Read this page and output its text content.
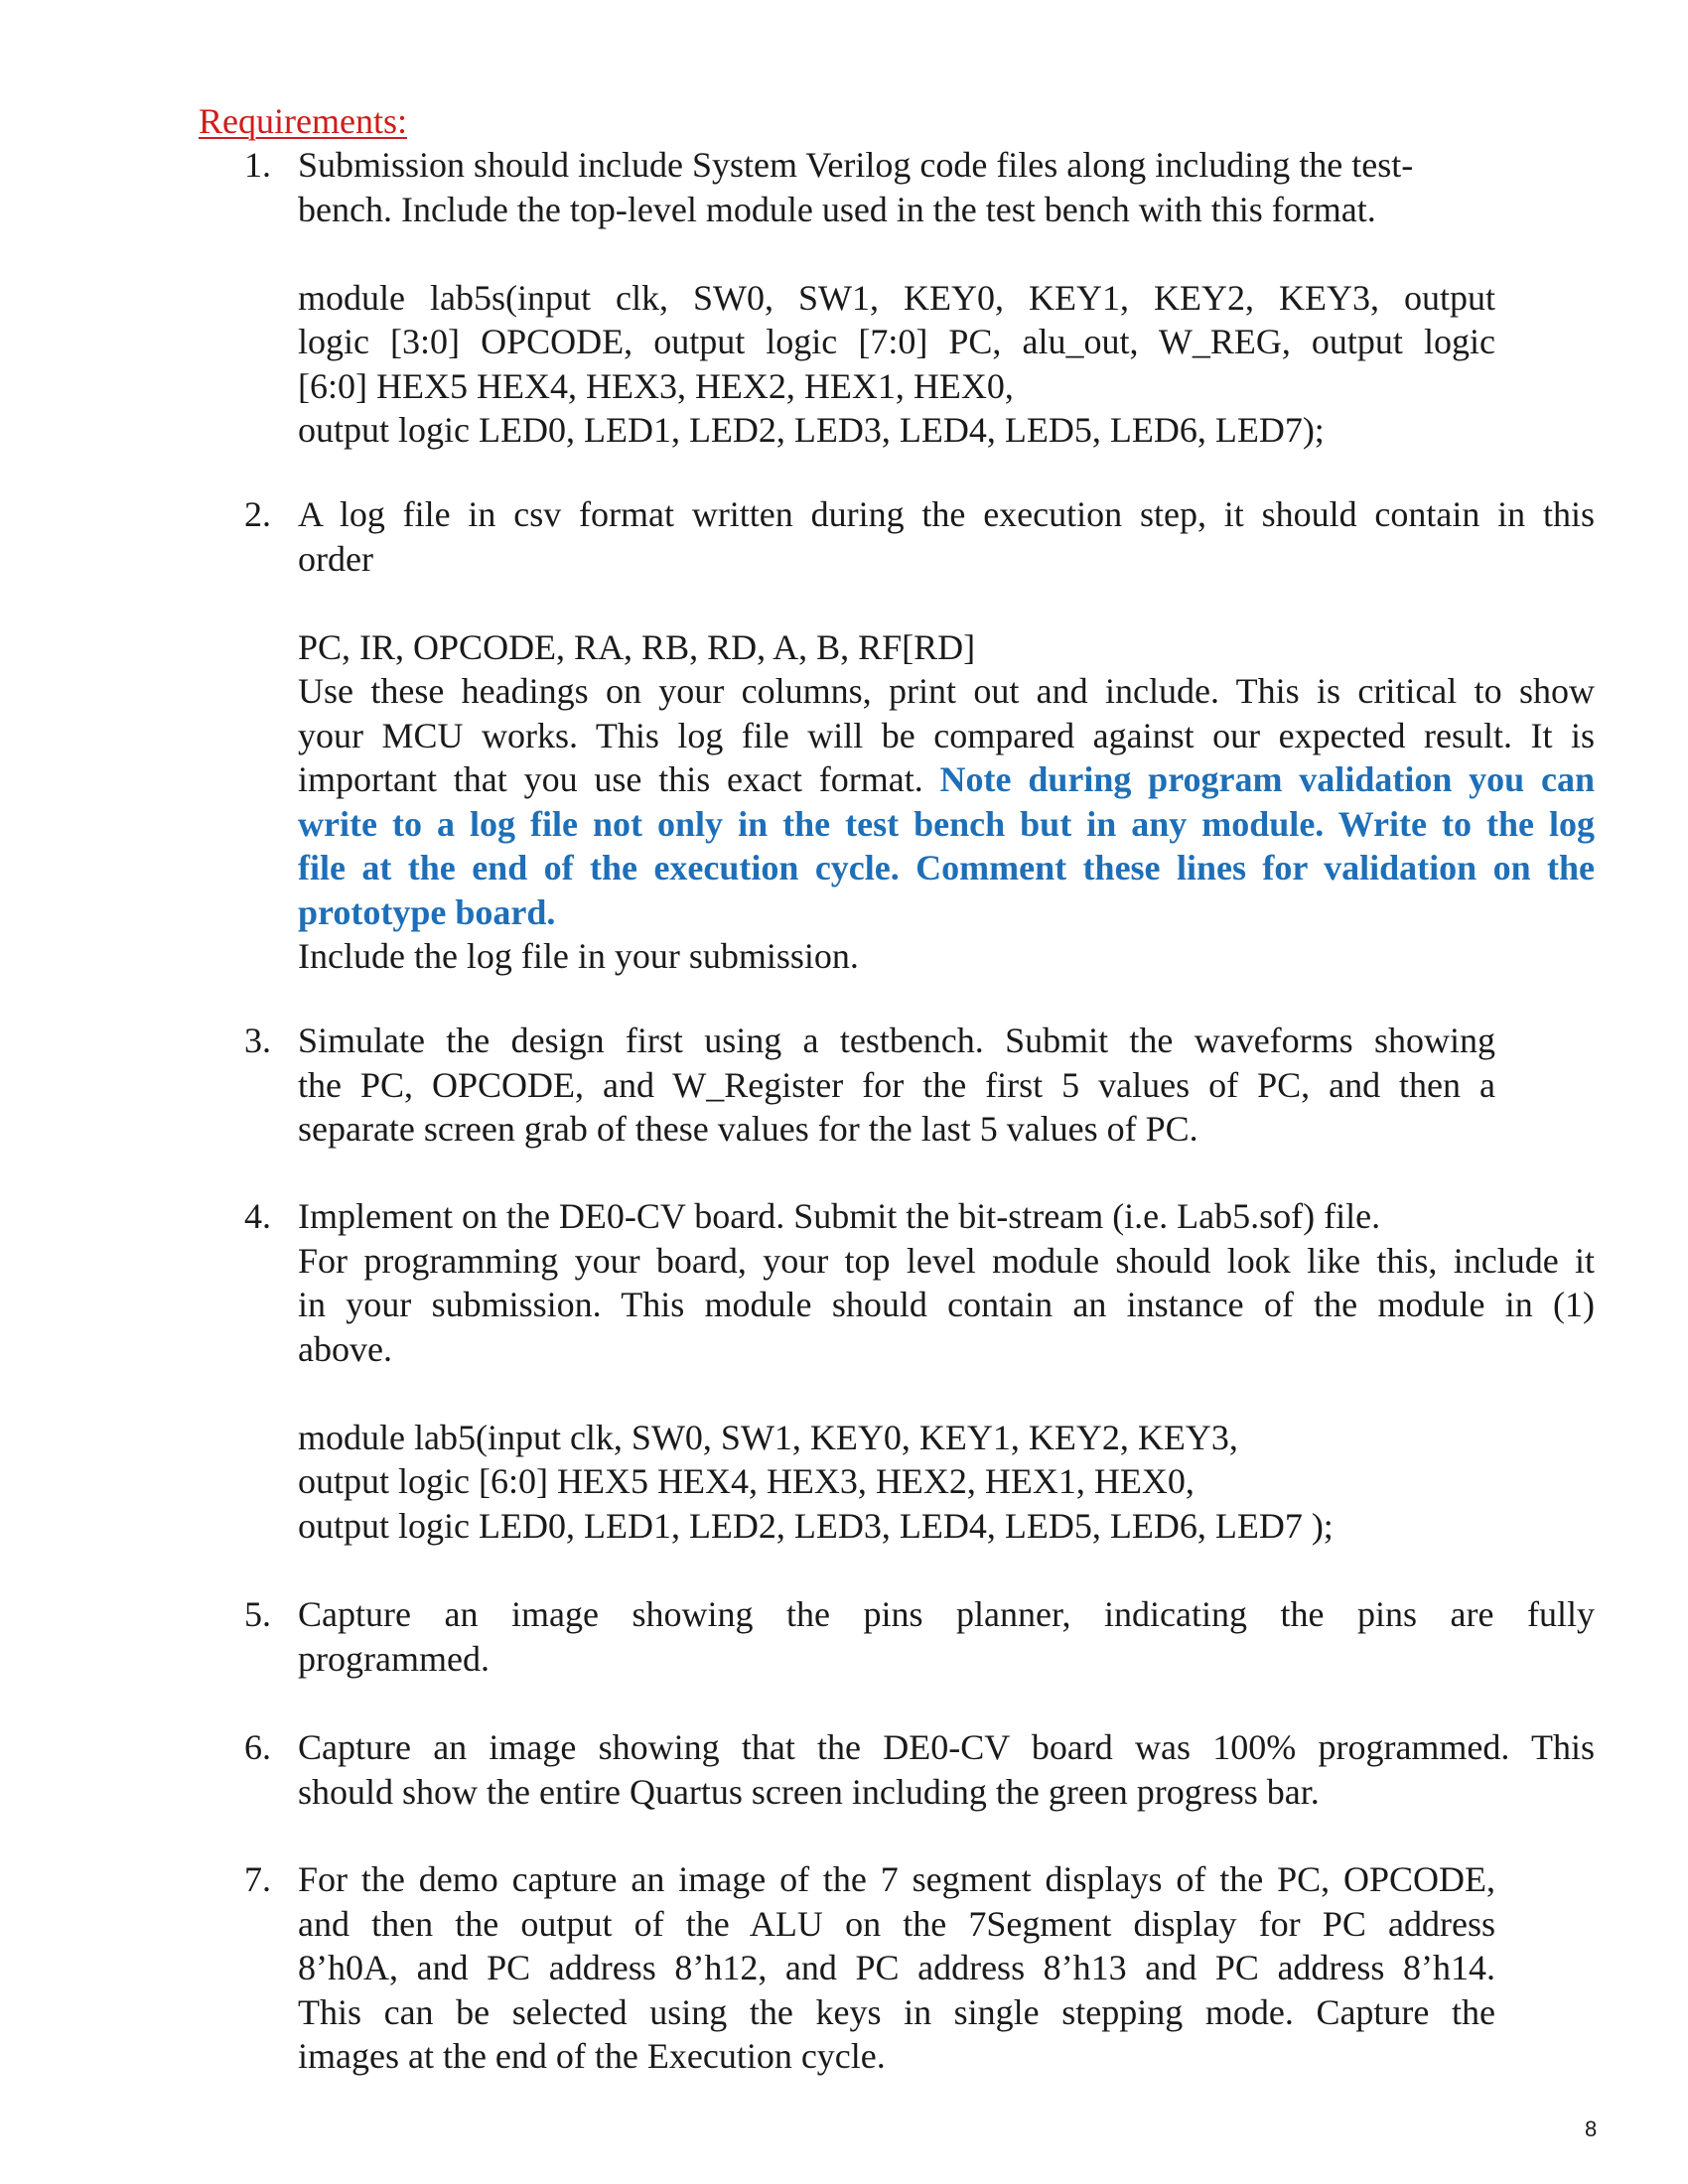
Requirements:
1. Submission should include System Verilog code files along including the test-
bench. Include the top-level module used in the test bench with this format.

module lab5s(input clk, SW0, SW1, KEY0, KEY1, KEY2, KEY3, output
logic [3:0] OPCODE, output logic [7:0] PC, alu_out, W_REG, output logic
[6:0] HEX5 HEX4, HEX3, HEX2, HEX1, HEX0,
output logic LED0, LED1, LED2, LED3, LED4, LED5, LED6, LED7);
2. A log file in csv format written during the execution step, it should contain in this
order

PC, IR, OPCODE, RA, RB, RD, A, B, RF[RD]
Use these headings on your columns, print out and include. This is critical to show
your MCU works. This log file will be compared against our expected result. It is
important that you use this exact format. Note during program validation you can
write to a log file not only in the test bench but in any module. Write to the log
file at the end of the execution cycle. Comment these lines for validation on the
prototype board.
Include the log file in your submission.
3. Simulate the design first using a testbench. Submit the waveforms showing
the PC, OPCODE, and W_Register for the first 5 values of PC, and then a
separate screen grab of these values for the last 5 values of PC.
4. Implement on the DE0-CV board. Submit the bit-stream (i.e. Lab5.sof) file.
For programming your board, your top level module should look like this, include it
in your submission. This module should contain an instance of the module in (1)
above.

module lab5(input clk, SW0, SW1, KEY0, KEY1, KEY2, KEY3,
output logic [6:0] HEX5 HEX4, HEX3, HEX2, HEX1, HEX0,
output logic LED0, LED1, LED2, LED3, LED4, LED5, LED6, LED7 );
5. Capture an image showing the pins planner, indicating the pins are fully
programmed.
6. Capture an image showing that the DE0-CV board was 100% programmed. This
should show the entire Quartus screen including the green progress bar.
7. For the demo capture an image of the 7 segment displays of the PC, OPCODE,
and then the output of the ALU on the 7Segment display for PC address
8’h0A, and PC address 8’h12, and PC address 8’h13 and PC address 8’h14.
This can be selected using the keys in single stepping mode. Capture the
images at the end of the Execution cycle.
8
